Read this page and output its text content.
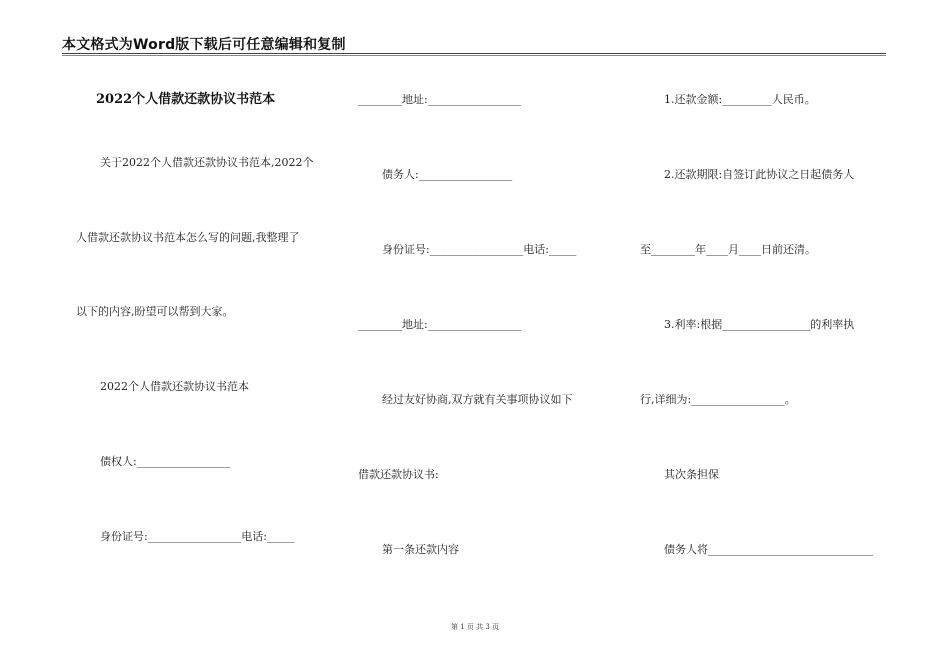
本文格式为Word版下载后可任意编辑和复制
2022个人借款还款协议书范本
关于2022个人借款还款协议书范本,2022个
人借款还款协议书范本怎么写的问题,我整理了
以下的内容,盼望可以帮到大家。
2022个人借款还款协议书范本
债权人:_________________
身份证号:_________________电话:_____
________地址:_________________
债务人:_________________
身份证号:_________________电话:_____
________地址:_________________
经过友好协商,双方就有关事项协议如下
借款还款协议书:
第一条还款内容
1.还款金额:_________人民币。
2.还款期限:自签订此协议之日起债务人
至________年____月____日前还清。
3.利率:根据________________的利率执
行,详细为:_________________。
其次条担保
债务人将______________________________
第 1 页 共 3 页
